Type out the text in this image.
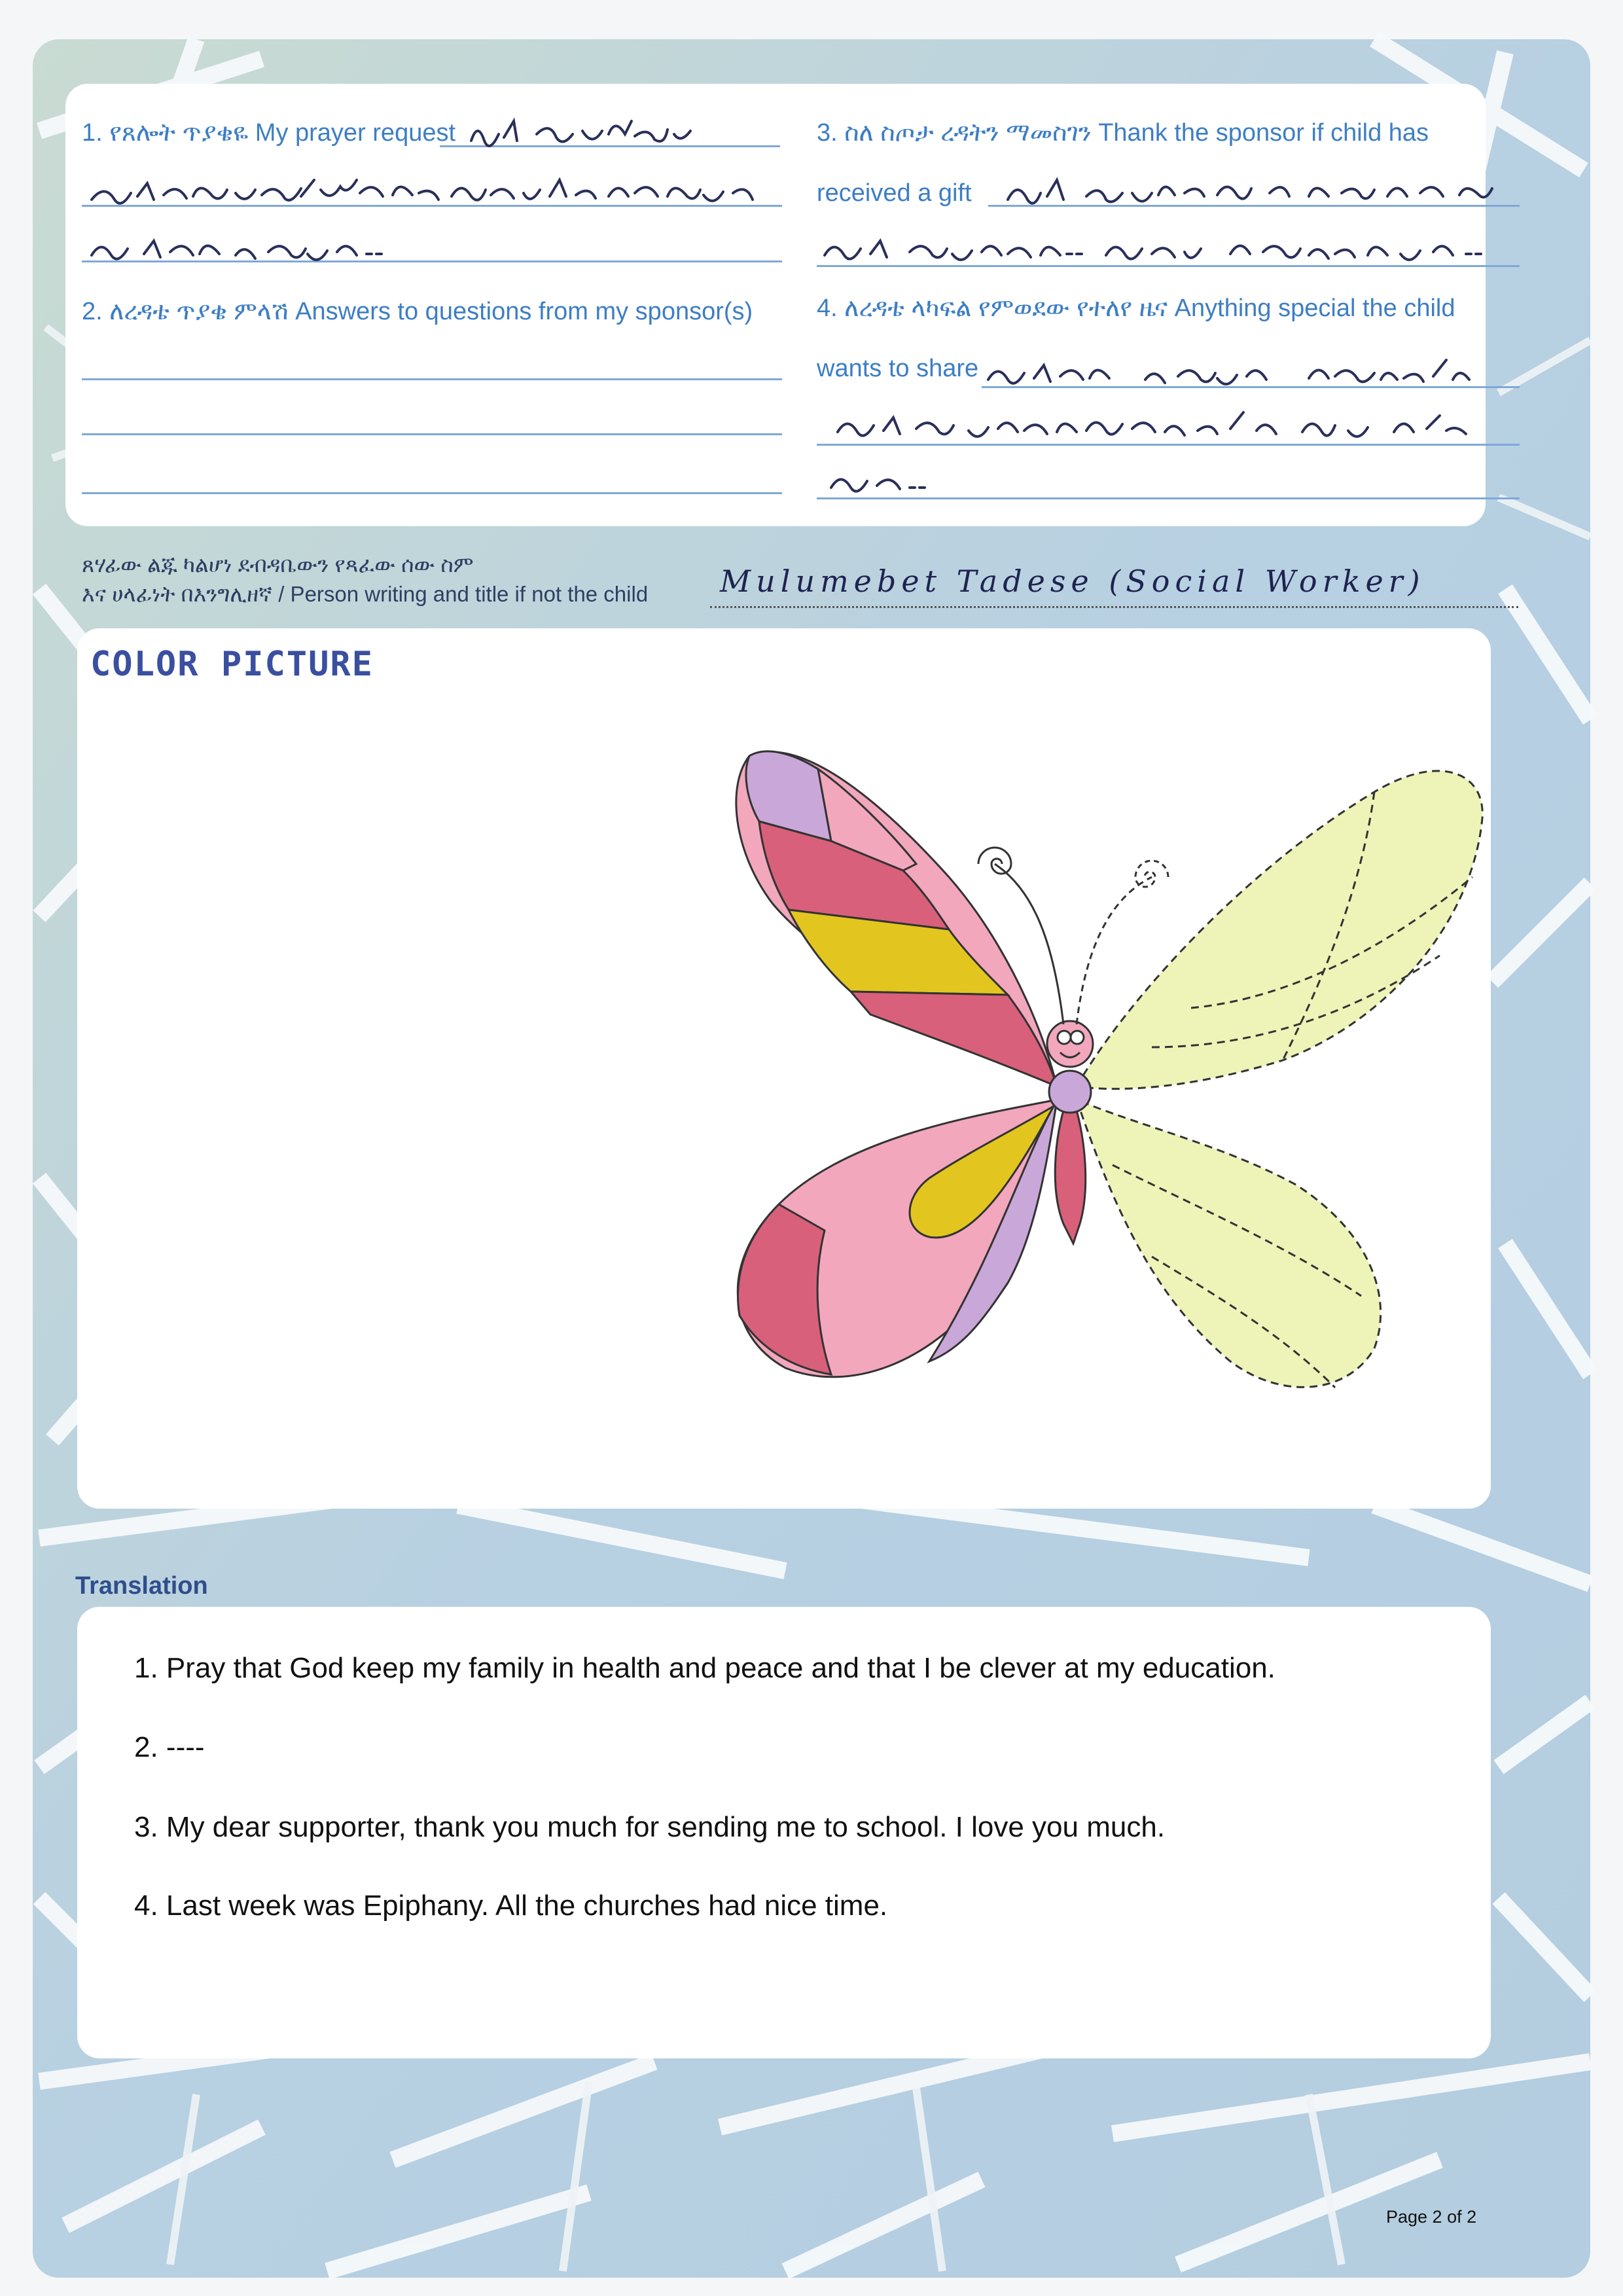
1. የጸሎት ጥያቄዬ My prayer request
2. ለረዳቴ ጥያቄ ምላሽ Answers to questions from my sponsor(s)
3. ስለ ስጦታ ረዳትን ማመስገን Thank the sponsor if child has
received a gift
4. ለረዳቴ ላካፍል የምወደው የተለየ ዜና Anything special the child
wants to share
ጸሃፊው ልጁ ካልሆነ ደብዳቤውን የጻፈው ሰው ስም
እና ሀላፊነት በእንግሊዘኛ / Person writing and title if not the child Mulumebet Tadese (Social Worker)
COLOR PICTURE
Translation
1. Pray that God keep my family in health and peace and that I be clever at my education.
2. ----
3. My dear supporter, thank you much for sending me to school. I love you much.
4. Last week was Epiphany. All the churches had nice time.
Page 2 of 2
